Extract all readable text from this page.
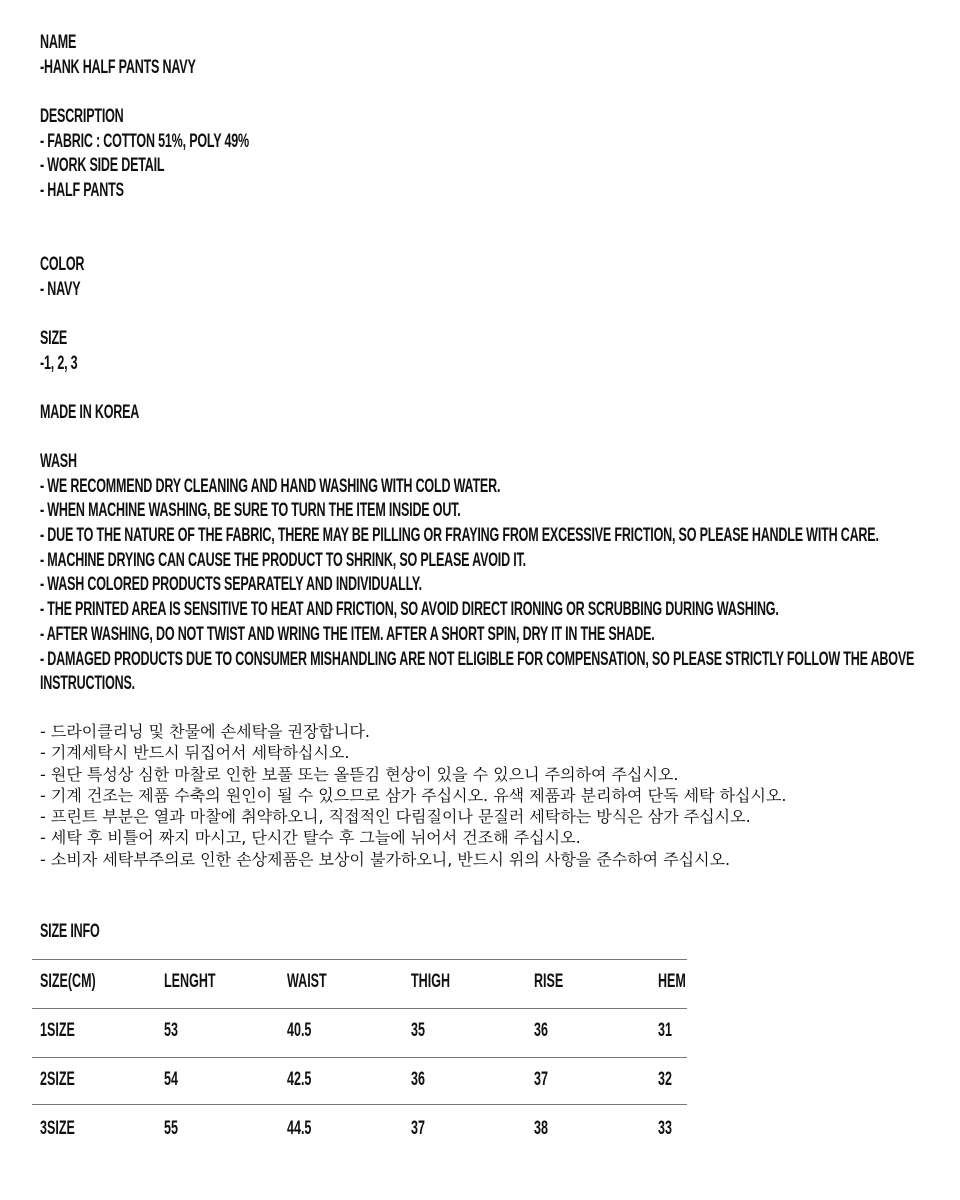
NAME
-HANK HALF PANTS NAVY
DESCRIPTION
- FABRIC : COTTON 51%, POLY 49%
- WORK SIDE DETAIL
- HALF PANTS
COLOR
- NAVY
SIZE
-1, 2, 3
MADE IN KOREA
WASH
- WE RECOMMEND DRY CLEANING AND HAND WASHING WITH COLD WATER.
- WHEN MACHINE WASHING, BE SURE TO TURN THE ITEM INSIDE OUT.
- DUE TO THE NATURE OF THE FABRIC, THERE MAY BE PILLING OR FRAYING FROM EXCESSIVE FRICTION, SO PLEASE HANDLE WITH CARE.
- MACHINE DRYING CAN CAUSE THE PRODUCT TO SHRINK, SO PLEASE AVOID IT.
- WASH COLORED PRODUCTS SEPARATELY AND INDIVIDUALLY.
- THE PRINTED AREA IS SENSITIVE TO HEAT AND FRICTION, SO AVOID DIRECT IRONING OR SCRUBBING DURING WASHING.
- AFTER WASHING, DO NOT TWIST AND WRING THE ITEM. AFTER A SHORT SPIN, DRY IT IN THE SHADE.
- DAMAGED PRODUCTS DUE TO CONSUMER MISHANDLING ARE NOT ELIGIBLE FOR COMPENSATION, SO PLEASE STRICTLY FOLLOW THE ABOVE
INSTRUCTIONS.
- 드라이클리닝 및 찬물에 손세탁을 권장합니다.
- 기계세탁시 반드시 뒤집어서 세탁하십시오.
- 원단 특성상 심한 마찰로 인한 보풀 또는 올뜯김 현상이 있을 수 있으니 주의하여 주십시오.
- 기계 건조는 제품 수축의 원인이 될 수 있으므로 삼가 주십시오. 유색 제품과 분리하여 단독 세탁 하십시오.
- 프린트 부분은 열과 마찰에 취약하오니, 직접적인 다림질이나 문질러 세탁하는 방식은 삼가 주십시오.
- 세탁 후 비틀어 짜지 마시고, 단시간 탈수 후 그늘에 뉘어서 건조해 주십시오.
- 소비자 세탁부주의로 인한 손상제품은 보상이 불가하오니, 반드시 위의 사항을 준수하여 주십시오.
SIZE INFO
SIZE(CM)	LENGHT	WAIST	THIGH	RISE	HEM
1SIZE	53	40.5	35	36	31
2SIZE	54	42.5	36	37	32
3SIZE	55	44.5	37	38	33
